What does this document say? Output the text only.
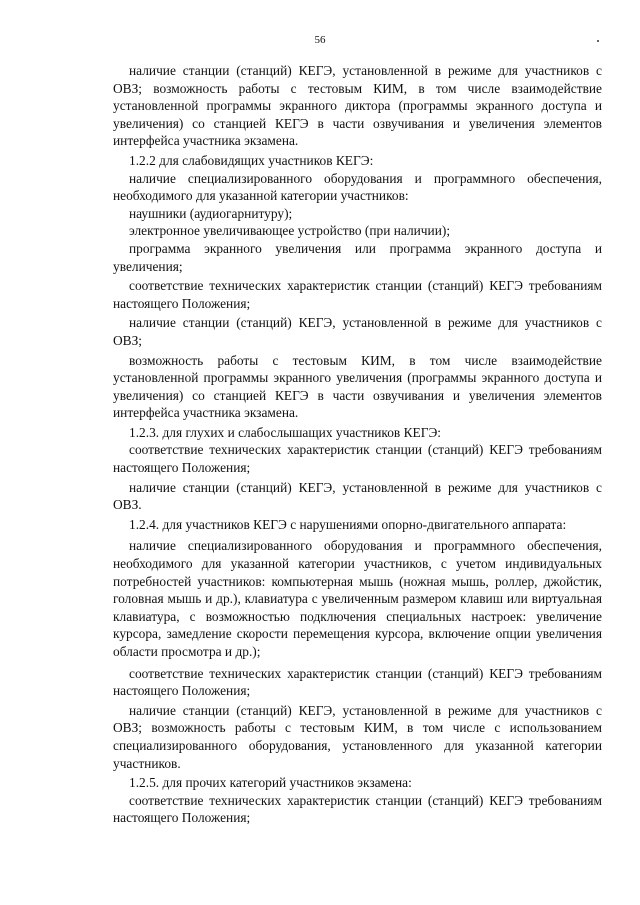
56

наличие станции (станций) КЕГЭ, установленной в режиме для участников с ОВЗ; возможность работы с тестовым КИМ, в том числе взаимодействие установленной программы экранного диктора (программы экранного доступа и увеличения) со станцией КЕГЭ в части озвучивания и увеличения элементов интерфейса участника экзамена.

1.2.2 для слабовидящих участников КЕГЭ:

наличие специализированного оборудования и программного обеспечения, необходимого для указанной категории участников:

наушники (аудиогарнитуру);

электронное увеличивающее устройство (при наличии);

программа экранного увеличения или программа экранного доступа и увеличения;

соответствие технических характеристик станции (станций) КЕГЭ требованиям настоящего Положения;

наличие станции (станций) КЕГЭ, установленной в режиме для участников с ОВЗ;

возможность работы с тестовым КИМ, в том числе взаимодействие установленной программы экранного увеличения (программы экранного доступа и увеличения) со станцией КЕГЭ в части озвучивания и увеличения элементов интерфейса участника экзамена.

1.2.3. для глухих и слабослышащих участников КЕГЭ:

соответствие технических характеристик станции (станций) КЕГЭ требованиям настоящего Положения;

наличие станции (станций) КЕГЭ, установленной в режиме для участников с ОВЗ.

1.2.4. для участников КЕГЭ с нарушениями опорно-двигательного аппарата:

наличие специализированного оборудования и программного обеспечения, необходимого для указанной категории участников, с учетом индивидуальных потребностей участников: компьютерная мышь (ножная мышь, роллер, джойстик, головная мышь и др.), клавиатура с увеличенным размером клавиш или виртуальная клавиатура, с возможностью подключения специальных настроек: увеличение курсора, замедление скорости перемещения курсора, включение опции увеличения области просмотра и др.);

соответствие технических характеристик станции (станций) КЕГЭ требованиям настоящего Положения;

наличие станции (станций) КЕГЭ, установленной в режиме для участников с ОВЗ; возможность работы с тестовым КИМ, в том числе с использованием специализированного оборудования, установленного для указанной категории участников.

1.2.5. для прочих категорий участников экзамена:

соответствие технических характеристик станции (станций) КЕГЭ требованиям настоящего Положения;
